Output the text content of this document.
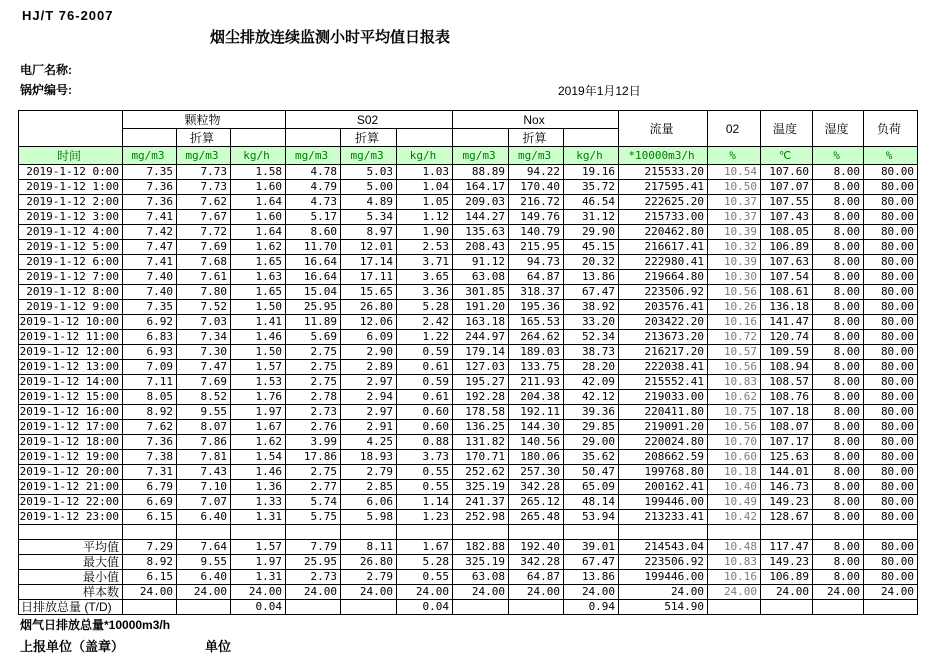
HJ/T 76-2007
烟尘排放连续监测小时平均值日报表
电厂名称:
锅炉编号:	2019年1月12日
	颗粒物			S02			Nox			流量	02	温度	湿度	负荷
		折算			折算			折算						
时间	mg/m3	mg/m3	kg/h	mg/m3	mg/m3	kg/h	mg/m3	mg/m3	kg/h	*10000m3/h	%	℃	%	%
2019-1-12 0:00	7.35	7.73	1.58	4.78	5.03	1.03	88.89	94.22	19.16	215533.20	10.54	107.60	8.00	80.00
2019-1-12 1:00	7.36	7.73	1.60	4.79	5.00	1.04	164.17	170.40	35.72	217595.41	10.50	107.07	8.00	80.00
2019-1-12 2:00	7.36	7.62	1.64	4.73	4.89	1.05	209.03	216.72	46.54	222625.20	10.37	107.55	8.00	80.00
2019-1-12 3:00	7.41	7.67	1.60	5.17	5.34	1.12	144.27	149.76	31.12	215733.00	10.37	107.43	8.00	80.00
2019-1-12 4:00	7.42	7.72	1.64	8.60	8.97	1.90	135.63	140.79	29.90	220462.80	10.39	108.05	8.00	80.00
2019-1-12 5:00	7.47	7.69	1.62	11.70	12.01	2.53	208.43	215.95	45.15	216617.41	10.32	106.89	8.00	80.00
2019-1-12 6:00	7.41	7.68	1.65	16.64	17.14	3.71	91.12	94.73	20.32	222980.41	10.39	107.63	8.00	80.00
2019-1-12 7:00	7.40	7.61	1.63	16.64	17.11	3.65	63.08	64.87	13.86	219664.80	10.30	107.54	8.00	80.00
2019-1-12 8:00	7.40	7.80	1.65	15.04	15.65	3.36	301.85	318.37	67.47	223506.92	10.56	108.61	8.00	80.00
2019-1-12 9:00	7.35	7.52	1.50	25.95	26.80	5.28	191.20	195.36	38.92	203576.41	10.26	136.18	8.00	80.00
2019-1-12 10:00	6.92	7.03	1.41	11.89	12.06	2.42	163.18	165.53	33.20	203422.20	10.16	141.47	8.00	80.00
2019-1-12 11:00	6.83	7.34	1.46	5.69	6.09	1.22	244.97	264.62	52.34	213673.20	10.72	120.74	8.00	80.00
2019-1-12 12:00	6.93	7.30	1.50	2.75	2.90	0.59	179.14	189.03	38.73	216217.20	10.57	109.59	8.00	80.00
2019-1-12 13:00	7.09	7.47	1.57	2.75	2.89	0.61	127.03	133.75	28.20	222038.41	10.56	108.94	8.00	80.00
2019-1-12 14:00	7.11	7.69	1.53	2.75	2.97	0.59	195.27	211.93	42.09	215552.41	10.83	108.57	8.00	80.00
2019-1-12 15:00	8.05	8.52	1.76	2.78	2.94	0.61	192.28	204.38	42.12	219033.00	10.62	108.76	8.00	80.00
2019-1-12 16:00	8.92	9.55	1.97	2.73	2.97	0.60	178.58	192.11	39.36	220411.80	10.75	107.18	8.00	80.00
2019-1-12 17:00	7.62	8.07	1.67	2.76	2.91	0.60	136.25	144.30	29.85	219091.20	10.56	108.07	8.00	80.00
2019-1-12 18:00	7.36	7.86	1.62	3.99	4.25	0.88	131.82	140.56	29.00	220024.80	10.70	107.17	8.00	80.00
2019-1-12 19:00	7.38	7.81	1.54	17.86	18.93	3.73	170.71	180.06	35.62	208662.59	10.60	125.63	8.00	80.00
2019-1-12 20:00	7.31	7.43	1.46	2.75	2.79	0.55	252.62	257.30	50.47	199768.80	10.18	144.01	8.00	80.00
2019-1-12 21:00	6.79	7.10	1.36	2.77	2.85	0.55	325.19	342.28	65.09	200162.41	10.40	146.73	8.00	80.00
2019-1-12 22:00	6.69	7.07	1.33	5.74	6.06	1.14	241.37	265.12	48.14	199446.00	10.49	149.23	8.00	80.00
2019-1-12 23:00	6.15	6.40	1.31	5.75	5.98	1.23	252.98	265.48	53.94	213233.41	10.42	128.67	8.00	80.00

平均值	7.29	7.64	1.57	7.79	8.11	1.67	182.88	192.40	39.01	214543.04	10.48	117.47	8.00	80.00
最大值	8.92	9.55	1.97	25.95	26.80	5.28	325.19	342.28	67.47	223506.92	10.83	149.23	8.00	80.00
最小值	6.15	6.40	1.31	2.73	2.79	0.55	63.08	64.87	13.86	199446.00	10.16	106.89	8.00	80.00
样本数	24.00	24.00	24.00	24.00	24.00	24.00	24.00	24.00	24.00	24.00	24.00	24.00	24.00	24.00
日排放总量 (T/D)			0.04			0.04			0.94	514.90				
烟气日排放总量*10000m3/h
上报单位（盖章）	单位
